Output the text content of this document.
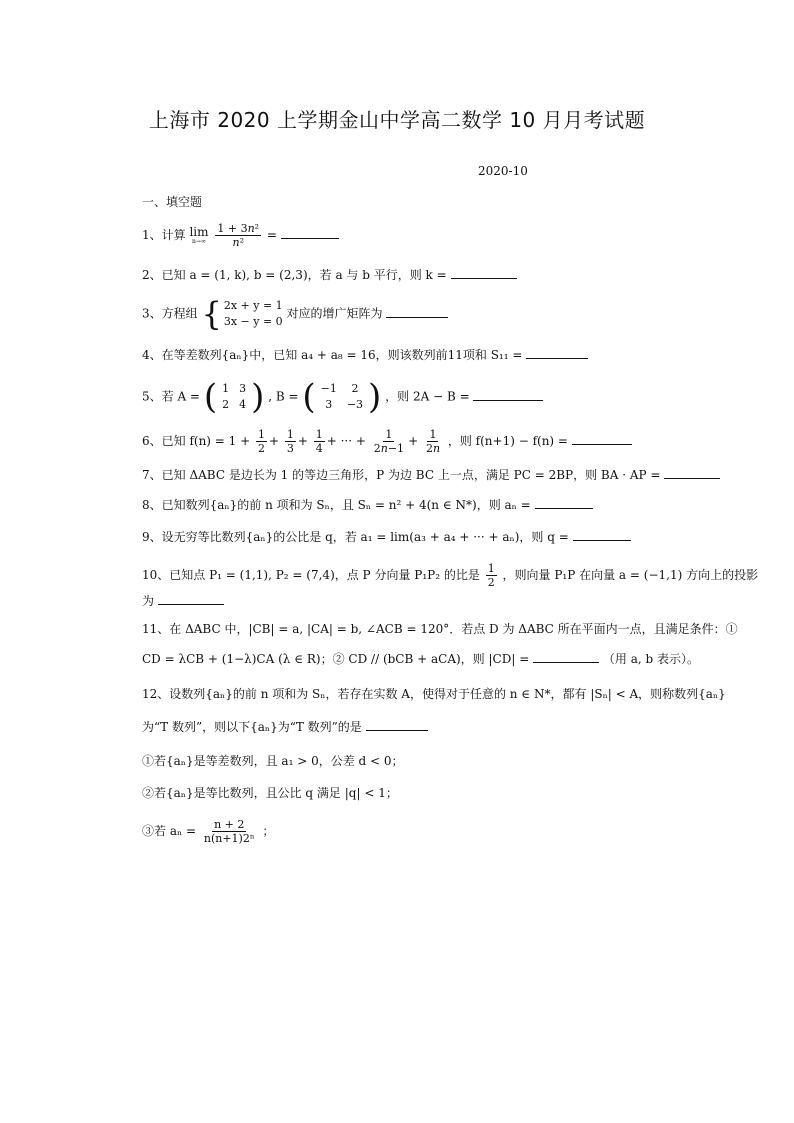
上海市 2020 上学期金山中学高二数学 10 月月考试题
2020-10
一、填空题
1、计算 lim
n→∞
$\frac{\text{1 + 3n²}}{\text{n²}}$ =
2、已知 a = (1, k), b = (2,3)，若 a 与 b 平行，则 k =
3、方程组 { 2x + y = 1
3x − y = 0
对应的增广矩阵为
4、在等差数列{aₙ}中，已知 a₄ + a₈ = 16，则该数列前11项和 S₁₁ =
5、若 A = ( 1	3
2	4 ) , B = ( −1	2
3	−3 ) ，则 2A − B =
6、已知 $f(n) = 1 + \frac{1}{2} + \frac{1}{3} + \frac{1}{4}$ + ··· + $\frac{1}{2n-1} + \frac{1}{2n}$ ，则 f(n+1) − f(n) =
7、已知 ΔABC 是边长为 1 的等边三角形，P 为边 BC 上一点，满足 PC = 2BP，则 BA · AP =
8、已知数列{aₙ}的前 n 项和为 Sₙ，且 Sₙ = n² + 4(n ∈ N*)，则 aₙ =
9、设无穷等比数列{aₙ}的公比是 q，若 a₁ = lim(a₃ + a₄ + ··· + aₙ)，则 q =
10、已知点 P₁ = (1,1), P₂ = (7,4)，点 P 分向量 P₁P₂ 的比是 $\frac{1}{2}$ ，则向量 P₁P 在向量 a = (−1,1) 方向上的投影
为
11、在 ΔABC 中，|CB| = a, |CA| = b, ∠ACB = 120°．若点 D 为 ΔABC 所在平面内一点，且满足条件：①
CD = λCB + (1−λ)CA (λ ∈ R)；② CD // (bCB + aCA)，则 |CD| =	（用 a, b 表示）。
12、设数列{aₙ}的前 n 项和为 Sₙ，若存在实数 A，使得对于任意的 n ∈ N*，都有 |Sₙ| < A，则称数列{aₙ}
为“T 数列”，则以下{aₙ}为“T 数列”的是
①若{aₙ}是等差数列，且 a₁ > 0，公差 d < 0；
②若{aₙ}是等比数列，且公比 q 满足 |q| < 1；
③若 $a_n = \frac{n + 2}{\text{n(n+1)2ⁿ}}$ ；
